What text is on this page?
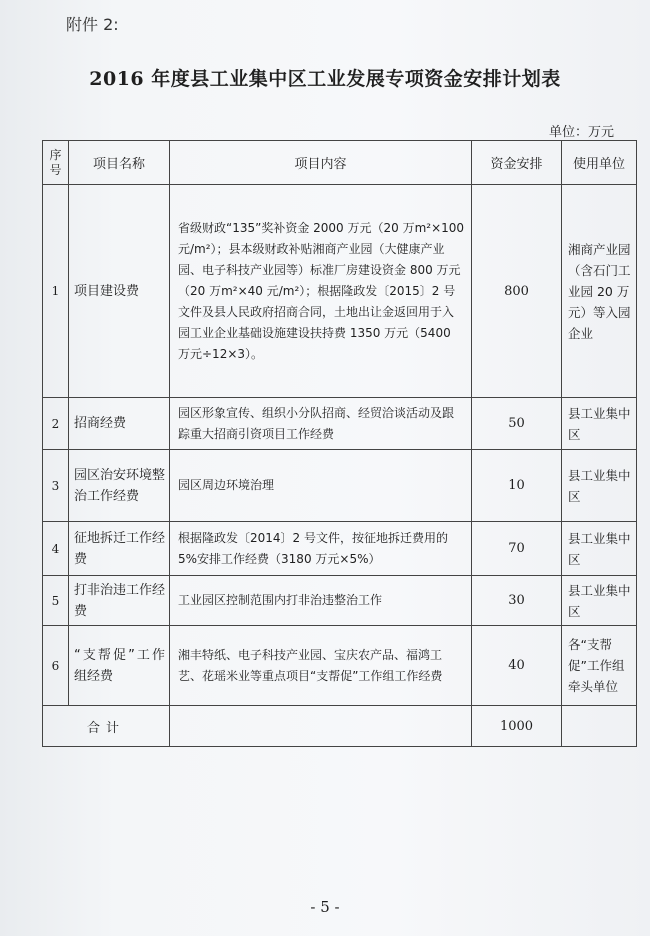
附件 2:
2016 年度县工业集中区工业发展专项资金安排计划表
单位：万元
序
号	项目名称	项目内容	资金安排	使用单位
1	项目建设费	省级财政“135”奖补资金 2000 万元（20 万m²×100 元/m²）；县本级财政补贴湘商产业园（大健康产业园、电子科技产业园等）标准厂房建设资金 800 万元（20 万m²×40 元/m²）；根据隆政发〔2015〕2 号文件及县人民政府招商合同，土地出让金返回用于入园工业企业基础设施建设扶持费 1350 万元（5400 万元÷12×3）。	800	湘商产业园（含石门工业园 20 万元）等入园企业
2	招商经费	园区形象宣传、组织小分队招商、经贸洽谈活动及跟踪重大招商引资项目工作经费	50	县工业集中区
3	园区治安环境整治工作经费	园区周边环境治理	10	县工业集中区
4	征地拆迁工作经费	根据隆政发〔2014〕2 号文件，按征地拆迁费用的 5%安排工作经费（3180 万元×5%）	70	县工业集中区
5	打非治违工作经费	工业园区控制范围内打非治违整治工作	30	县工业集中区
6	“支帮促”工作组经费	湘丰特纸、电子科技产业园、宝庆农产品、福鸿工艺、花瑶米业等重点项目“支帮促”工作组工作经费	40	各“支帮促”工作组牵头单位
合计			1000	
- 5 -
